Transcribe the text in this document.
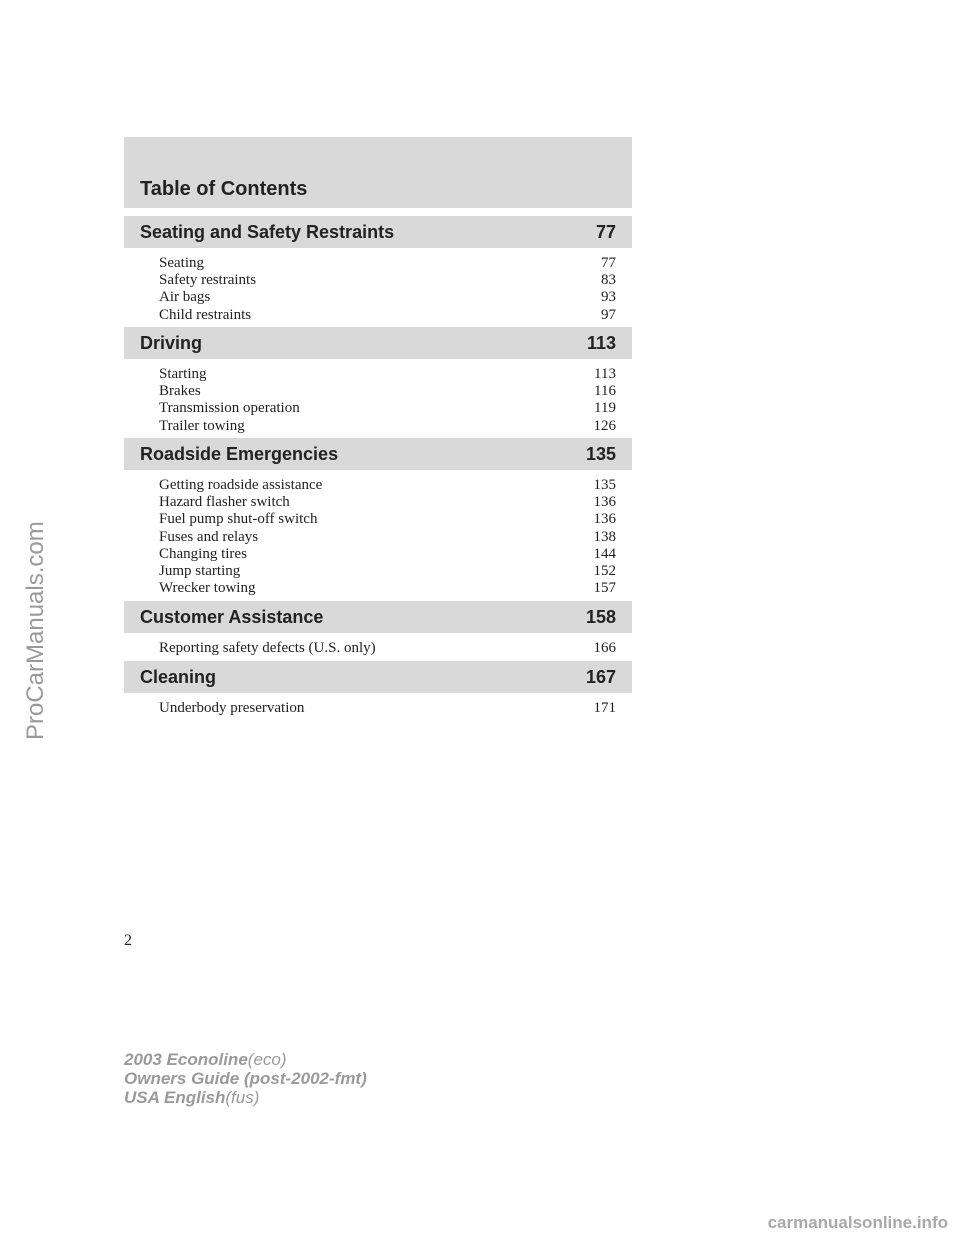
Table of Contents
Seating and Safety Restraints	77
Seating	77
Safety restraints	83
Air bags	93
Child restraints	97
Driving	113
Starting	113
Brakes	116
Transmission operation	119
Trailer towing	126
Roadside Emergencies	135
Getting roadside assistance	135
Hazard flasher switch	136
Fuel pump shut-off switch	136
Fuses and relays	138
Changing tires	144
Jump starting	152
Wrecker towing	157
Customer Assistance	158
Reporting safety defects (U.S. only)	166
Cleaning	167
Underbody preservation	171
2
ProCarManuals.com
2003 Econoline(eco)
Owners Guide (post-2002-fmt)
USA English(fus)
carmanualsonline.info
